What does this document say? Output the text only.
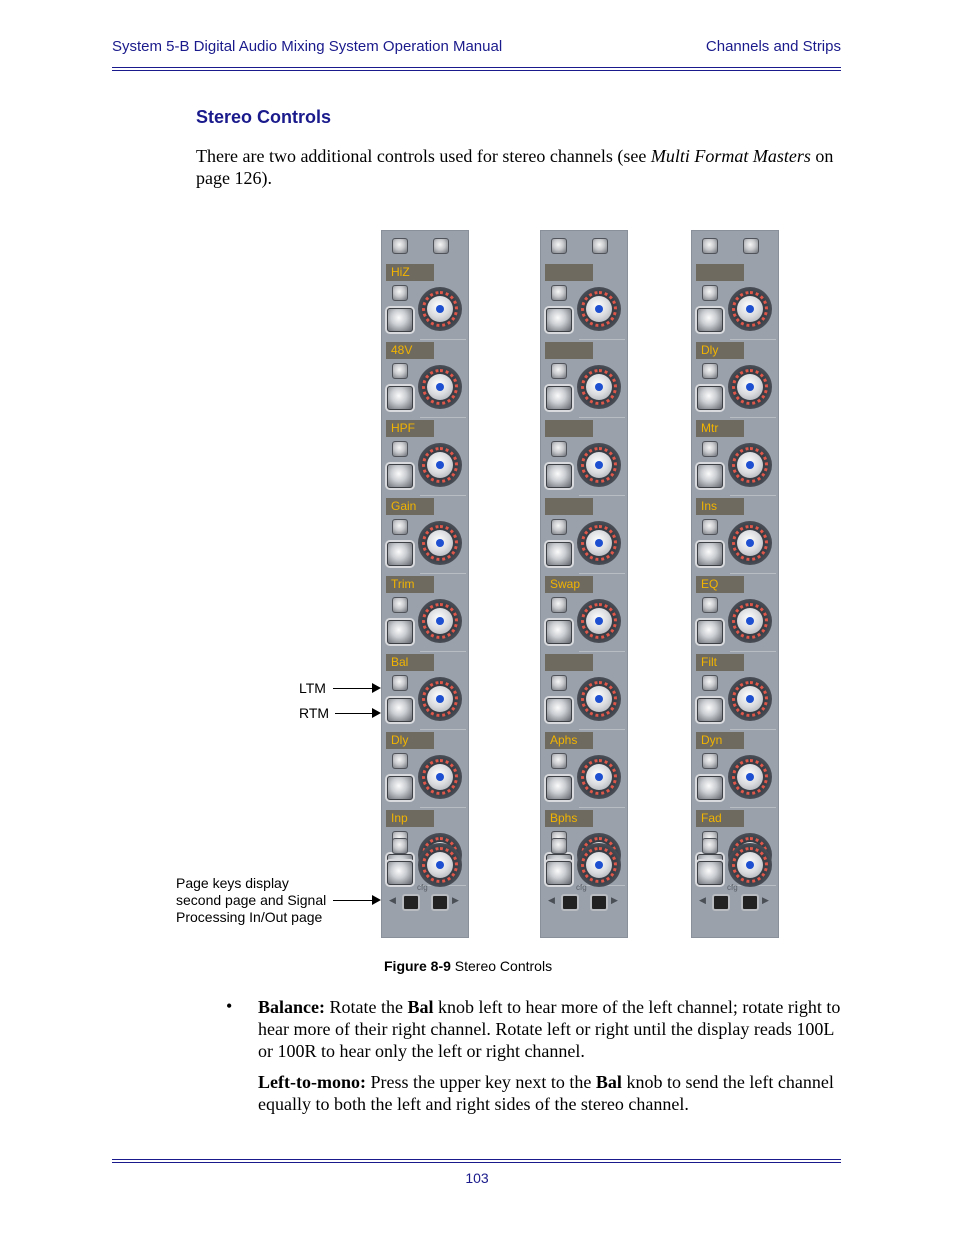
System 5-B Digital Audio Mixing System Operation Manual	Channels and Strips
Stereo Controls
There are two additional controls used for stereo channels (see Multi Format Masters on page 126).
HiZ
48V
HPF
Gain
Trim
Bal
Dly
Inp
◀
cfg
▶
Swap
Aphs
Bphs
◀
cfg
▶
Dly
Mtr
Ins
EQ
Filt
Dyn
Fad
◀
cfg
▶
LTM
RTM
Page keys display
second page and Signal
Processing In/Out page
Figure 8-9 Stereo Controls
• Balance: Rotate the Bal knob left to hear more of the left channel; rotate right to hear more of their right channel. Rotate left or right until the display reads 100L or 100R to hear only the left or right channel.
Left-to-mono: Press the upper key next to the Bal knob to send the left channel equally to both the left and right sides of the stereo channel.
103
